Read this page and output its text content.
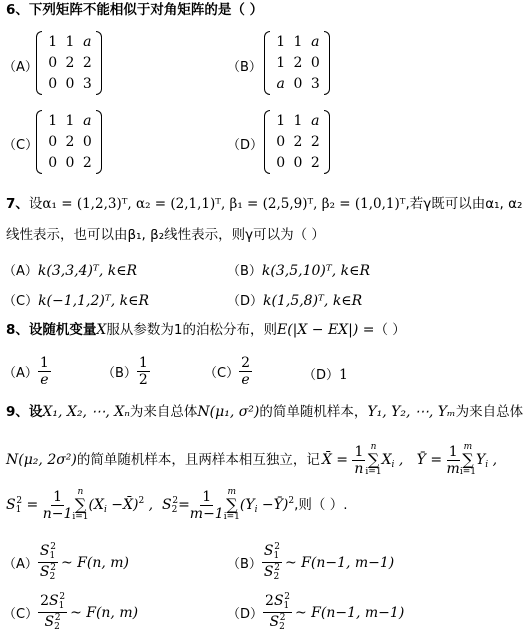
6、下列矩阵不能相似于对角矩阵的是（ ）
（A）
1 1 a
0 2 2
0 0 3
（B）
1 1 a
1 2 0
a 0 3
（C）
1 1 a
0 2 0
0 0 2
（D）
1 1 a
0 2 2
0 0 2
7、设α₁ = (1,2,3)ᵀ, α₂ = (2,1,1)ᵀ, β₁ = (2,5,9)ᵀ, β₂ = (1,0,1)ᵀ,若γ既可以由α₁, α₂
线性表示，也可以由β₁, β₂线性表示，则γ可以为（ ）
（A）k(3,3,4)ᵀ, k∈R	（B）k(3,5,10)ᵀ, k∈R
（C）k(−1,1,2)ᵀ, k∈R	（D）k(1,5,8)ᵀ, k∈R
8、设随机变量X服从参数为1的泊松分布，则E(|X − EX|) =（ ）
$(A) \frac{1}{e}$	$(B) \frac{1}{2}$	$(C) \frac{2}{e}$	（D）1
9、设X₁, X₂, ⋯, Xₙ为来自总体N(μ₁, σ²)的简单随机样本，Y₁, Y₂, ⋯, Yₘ为来自总体
N(μ₂, 2σ²) 的简单随机样本，且两样本相互独立，记 X̄ = $\frac{1}{n}$ n
∑
i=1
$X_i$ ,   Ȳ = $\frac{1}{m}$ m
∑
i=1
$Y_i$ ,
$S_1^2 = \frac{1}{n-1}$ n
∑
i=1
($X_i$ −X̄)$^2$ ,  $S_2^2= \frac{1}{m-1}$ m
∑
i=1
($Y_i$ −Ȳ)$^2$ ,则（ ）.
$(A) \frac{S_1^2}{S_2^2}$ ~ F(n, m)	$(B) \frac{S_1^2}{S_2^2}$ ~ F(n−1, m−1)
$(C) \frac{2S_1^2}{S_2^2}$ ~ F(n, m)	$(D) \frac{2S_1^2}{S_2^2}$ ~ F(n−1, m−1)
